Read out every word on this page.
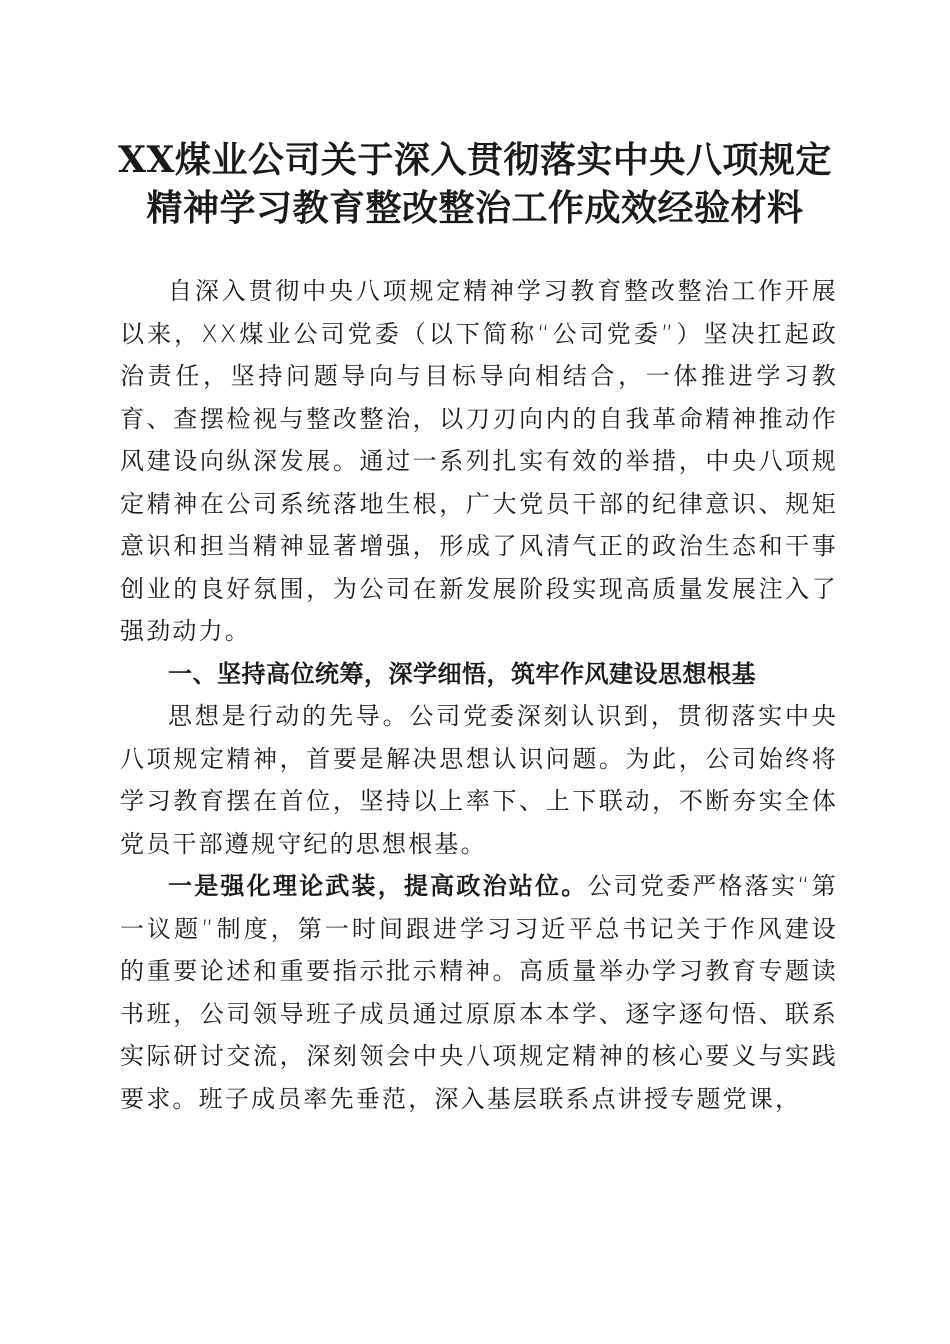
XX煤业公司关于深入贯彻落实中央八项规定
精神学习教育整改整治工作成效经验材料

自深入贯彻中央八项规定精神学习教育整改整治工作开展以来，XX煤业公司党委（以下简称“公司党委”）坚决扛起政治责任，坚持问题导向与目标导向相结合，一体推进学习教育、查摆检视与整改整治，以刀刃向内的自我革命精神推动作风建设向纵深发展。通过一系列扎实有效的举措，中央八项规定精神在公司系统落地生根，广大党员干部的纪律意识、规矩意识和担当精神显著增强，形成了风清气正的政治生态和干事创业的良好氛围，为公司在新发展阶段实现高质量发展注入了强劲动力。

一、坚持高位统筹，深学细悟，筑牢作风建设思想根基

思想是行动的先导。公司党委深刻认识到，贯彻落实中央八项规定精神，首要是解决思想认识问题。为此，公司始终将学习教育摆在首位，坚持以上率下、上下联动，不断夯实全体党员干部遵规守纪的思想根基。

一是强化理论武装，提高政治站位。公司党委严格落实“第一议题”制度，第一时间跟进学习习近平总书记关于作风建设的重要论述和重要指示批示精神。高质量举办学习教育专题读书班，公司领导班子成员通过原原本本学、逐字逐句悟、联系实际研讨交流，深刻领会中央八项规定精神的核心要义与实践要求。班子成员率先垂范，深入基层联系点讲授专题党课，
